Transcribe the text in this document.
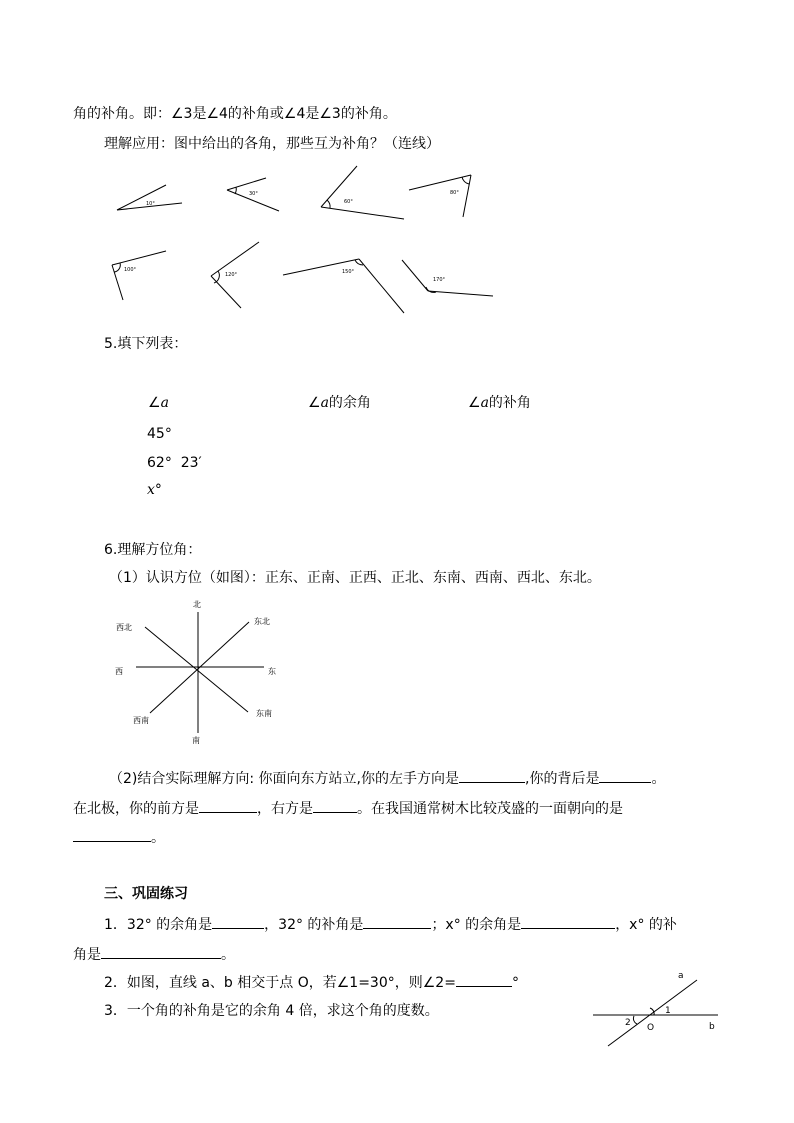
角的补角。即：∠3是∠4的补角或∠4是∠3的补角。
理解应用：图中给出的各角，那些互为补角？（连线）
10°
30°
60°
80°
100°
120°	150°
170°
5.填下列表：
∠a	∠a的余角	∠a的补角
45°
62°  23′
x°
6.理解方位角：
（1）认识方位（如图）：正东、正南、正西、正北、东南、西南、西北、东北。
北
南
东
西
东北
西北
东南
西南
（2)结合实际理解方向: 你面向东方站立,你的左手方向是	,你的背后是	。
在北极，你的前方是	，右方是	。在我国通常树木比较茂盛的一面朝向的是
。
三、巩固练习
1．32° 的余角是	，32° 的补角是	；x° 的余角是	，x° 的补
角是	。
2．如图，直线 a、b 相交于点 O，若∠1=30°，则∠2=	°
3．一个角的补角是它的余角 4 倍，求这个角的度数。
a
b
O
1
2
